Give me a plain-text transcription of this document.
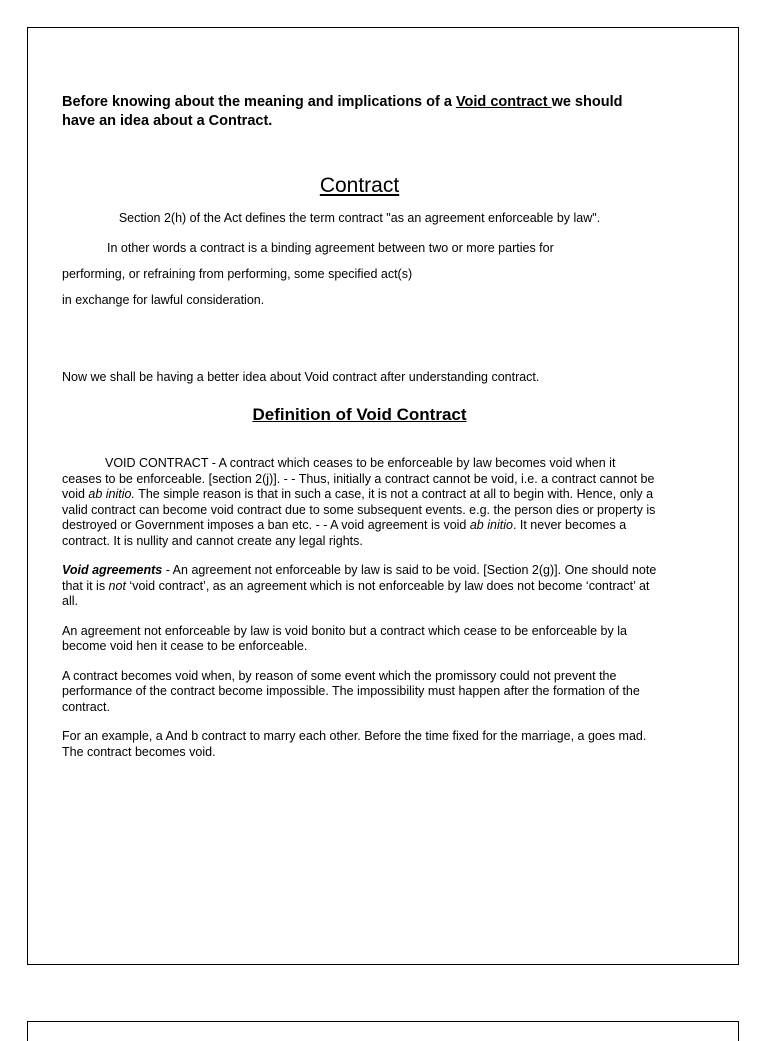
Before knowing about the meaning and implications of a Void contract we should have an idea about a Contract.

Contract

Section 2(h) of the Act defines the term contract "as an agreement enforceable by law".

In other words a contract is a binding agreement between two or more parties for
performing, or refraining from performing, some specified act(s)
in exchange for lawful consideration.

Now we shall be having a better idea about Void contract after understanding contract.

Definition of Void Contract

VOID CONTRACT - A contract which ceases to be enforceable by law becomes void when it ceases to be enforceable. [section 2(j)]. - - Thus, initially a contract cannot be void, i.e. a contract cannot be void ab initio. The simple reason is that in such a case, it is not a contract at all to begin with. Hence, only a valid contract can become void contract due to some subsequent events. e.g. the person dies or property is destroyed or Government imposes a ban etc. - - A void agreement is void ab initio. It never becomes a contract. It is nullity and cannot create any legal rights.

Void agreements - An agreement not enforceable by law is said to be void. [Section 2(g)]. One should note that it is not ‘void contract’, as an agreement which is not enforceable by law does not become ‘contract’ at all.

An agreement not enforceable by law is void bonito but a contract which cease to be enforceable by la become void hen it cease to be enforceable.

A contract becomes void when, by reason of some event which the promissory could not prevent the performance of the contract become impossible. The impossibility must happen after the formation of the contract.

For an example, a And b contract to marry each other. Before the time fixed for the marriage, a goes mad. The contract becomes void.
